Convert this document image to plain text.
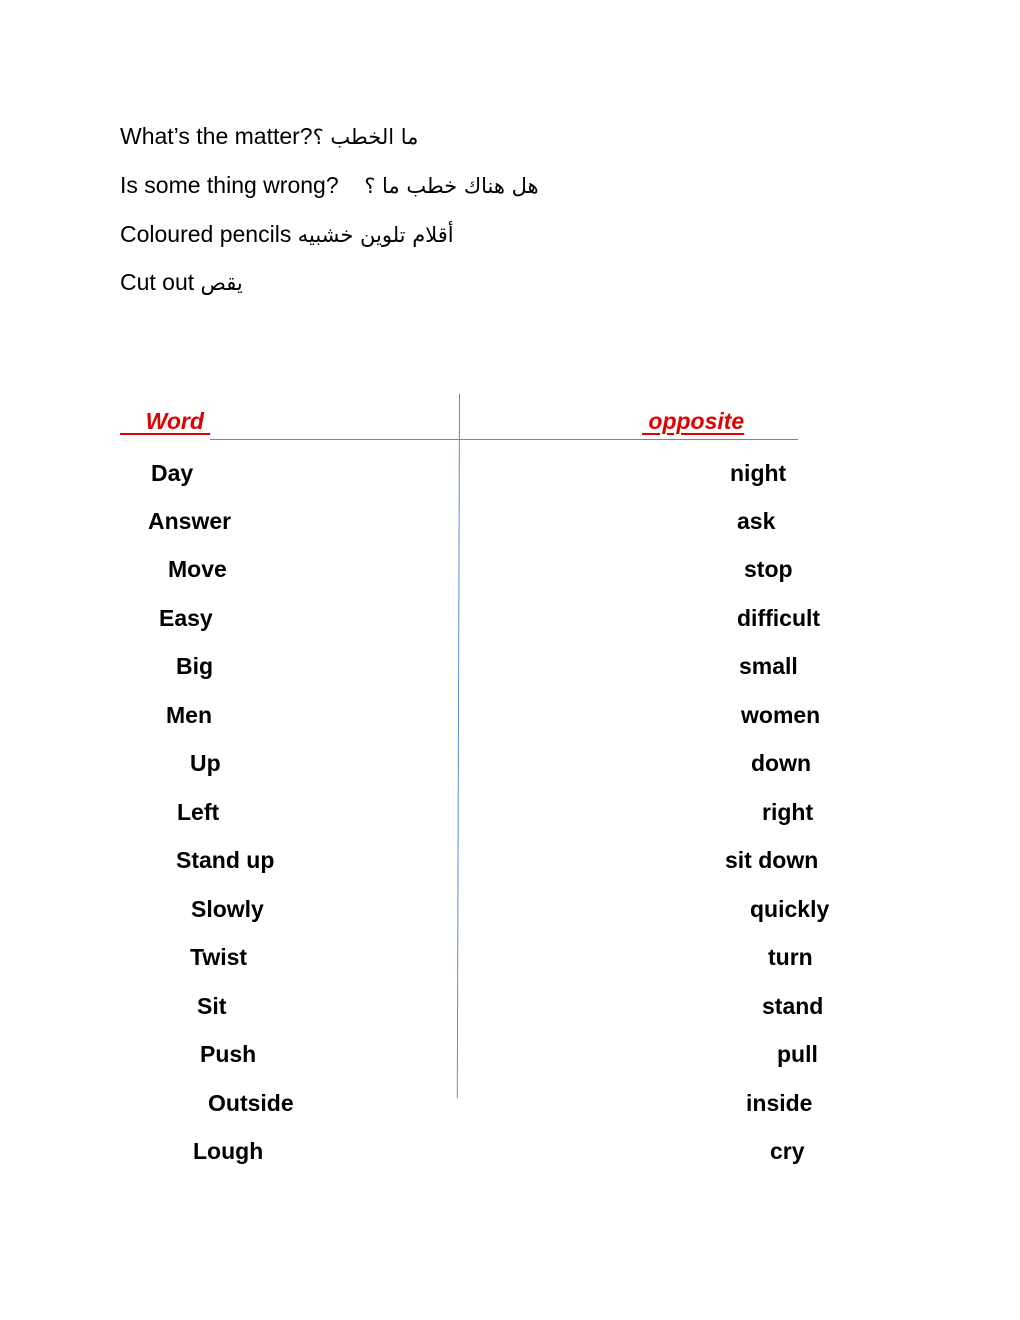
What’s the matter?ما الخطب ؟
Is some thing wrong? هل هناك خطب ما ؟
Coloured pencils أقلام تلوين خشبيه
Cut out يقص
Word	opposite
Day
Answer
Move
Easy
Big
Men
Up
Left
Stand up
Slowly
Twist
Sit
Push
Outside
Lough
night
ask
stop
difficult
small
women
down
right
sit down
quickly
turn
stand
pull
inside
cry
